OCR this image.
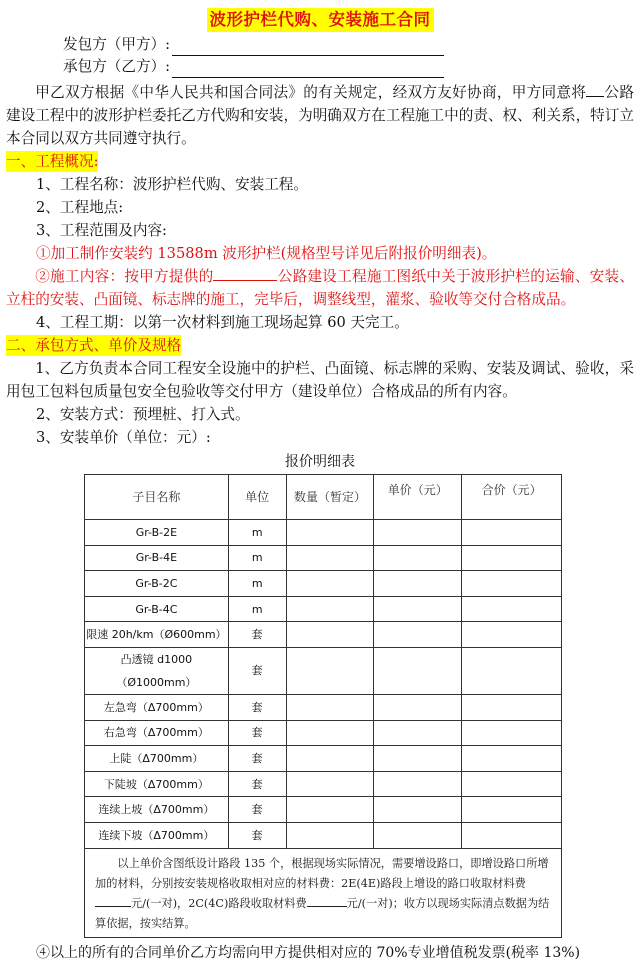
波形护栏代购、安装施工合同
发包方（甲方）:
承包方（乙方）:
甲乙双方根据《中华人民共和国合同法》的有关规定，经双方友好协商，甲方同意将 公路建设工程中的波形护栏委托乙方代购和安装，为明确双方在工程施工中的责、权、利关系，特订立本合同以双方共同遵守执行。
一、工程概况:
1、工程名称：波形护栏代购、安装工程。
2、工程地点:
3、工程范围及内容:
①加工制作安装约 13588m 波形护栏(规格型号详见后附报价明细表)。
②施工内容：按甲方提供的	公路建设工程施工图纸中关于波形护栏的运输、安装、立柱的安装、凸面镜、标志牌的施工，完毕后，调整线型，灌浆、验收等交付合格成品。
4、工程工期：以第一次材料到施工现场起算 60 天完工。
二、承包方式、单价及规格
1、乙方负责本合同工程安全设施中的护栏、凸面镜、标志牌的采购、安装及调试、验收，采用包工包料包质量包安全包验收等交付甲方（建设单位）合格成品的所有内容。
2、安装方式：预埋桩、打入式。
3、安装单价（单位：元）:
报价明细表
子目名称	单位	数量（暂定）	单价（元）	合价（元）
Gr-B-2E	m			
Gr-B-4E	m			
Gr-B-2C	m			
Gr-B-4C	m			
限速 20h/km（Ø600mm）	套			
凸透镜 d1000（Ø1000mm）	套			
左急弯（Δ700mm）	套			
右急弯（Δ700mm）	套			
上陡（Δ700mm）	套			
下陡坡（Δ700mm）	套			
连续上坡（Δ700mm）	套			
连续下坡（Δ700mm）	套			
以上单价含图纸设计路段 135 个，根据现场实际情况，需要增设路口，即增设路口所增加的材料，分别按安装规格收取相对应的材料费：2E(4E)路段上增设的路口收取材料费元/(一对)，2C(4C)路段收取材料费	元/(一对)；收方以现场实际清点数据为结算依据，按实结算。
④以上的所有的合同单价乙方均需向甲方提供相对应的 70%专业增值税发票(税率 13%)
